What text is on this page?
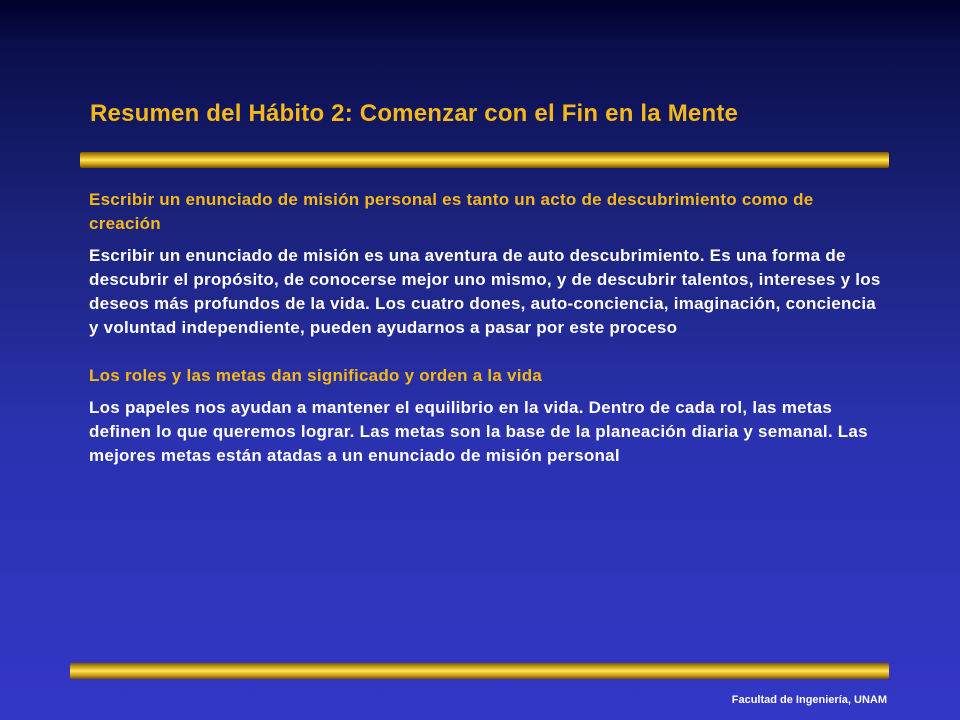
Resumen del Hábito 2: Comenzar con el Fin en la Mente

Escribir un enunciado de misión personal es tanto un acto de descubrimiento como de creación

Escribir un enunciado de misión es una aventura de auto descubrimiento. Es una forma de descubrir el propósito, de conocerse mejor uno mismo, y de descubrir talentos, intereses y los deseos más profundos de la vida. Los cuatro dones, auto-conciencia, imaginación, conciencia y voluntad independiente, pueden ayudarnos a pasar por este proceso

Los roles y las metas dan significado y orden a la vida

Los papeles nos ayudan a mantener el equilibrio en la vida. Dentro de cada rol, las metas definen lo que queremos lograr. Las metas son la base de la planeación diaria y semanal. Las mejores metas están atadas a un enunciado de misión personal

Facultad de Ingeniería, UNAM
